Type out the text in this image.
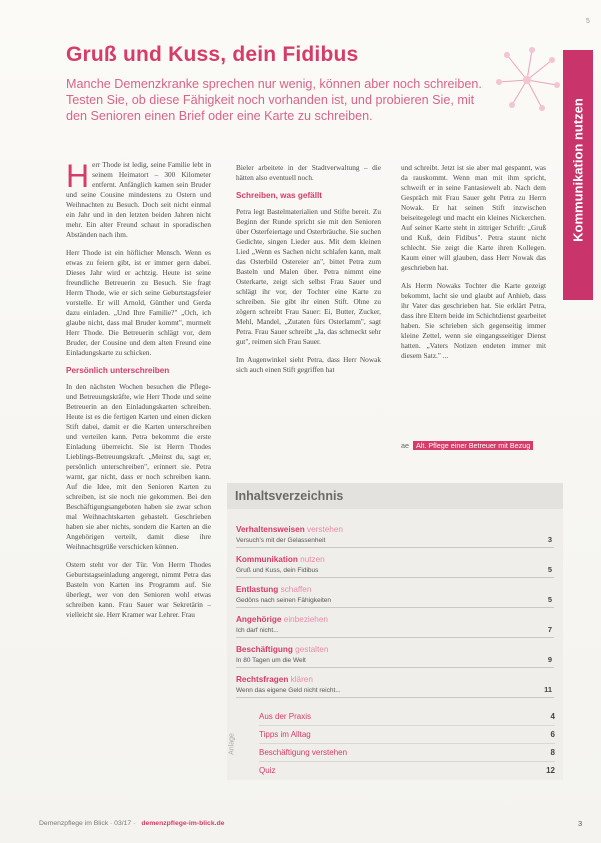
5
Gruß und Kuss, dein Fidibus
Manche Demenzkranke sprechen nur wenig, können aber noch schreiben. Testen Sie, ob diese Fähigkeit noch vorhanden ist, und probieren Sie, mit den Senioren einen Brief oder eine Karte zu schreiben.	Kommunikation nutzen

Herr Thode ist ledig, seine Familie lebt in seinem Heimatort – 300 Kilometer entfernt. Anfänglich kamen sein Bruder und seine Cousine mindestens zu Ostern und Weihnachten zu Besuch. Doch seit nicht einmal ein Jahr und in den letzten beiden Jahren nicht mehr. Ein alter Freund schaut in sporadischen Abständen nach ihm.

Herr Thode ist ein höflicher Mensch. Wenn es etwas zu feiern gibt, ist er immer gern dabei. Dieses Jahr wird er achtzig. Heute ist seine freundliche Betreuerin zu Besuch. Sie fragt Herrn Thode, wie er sich seine Geburtstagsfeier vorstelle. Er will Arnold, Günther und Gerda dazu einladen. „Und Ihre Familie?" „Och, ich glaube nicht, dass mal Bruder kommt", murmelt Herr Thode. Die Betreuerin schlägt vor, dem Bruder, der Cousine und dem alten Freund eine Einladungskarte zu schicken.

Persönlich unterschreiben

In den nächsten Wochen besuchen die Pflege- und Betreuungskräfte, wie Herr Thode und seine Betreuerin an den Einladungskarten schreiben. Heute ist es die fertigen Karten und einen dicken Stift dabei, damit er die Karten unterschreiben und verteilen kann. Petra bekommt die erste Einladung überreicht. Sie ist Herrn Thodes Lieblings-Betreuungskraft. „Meinst du, sagt er, persönlich unterschreiben", erinnert sie. Petra warnt, gar nicht, dass er noch schreiben kann. Auf die Idee, mit den Senioren Karten zu schreiben, ist sie noch nie gekommen. Bei den Beschäftigungsangeboten haben sie zwar schon mal Weihnachtskarten gebastelt. Geschrieben haben sie aber nichts, sondern die Karten an die Angehörigen verteilt, damit diese ihre Weihnachtsgrüße verschicken können.

Ostern steht vor der Tür. Von Herrn Thodes Geburtstagseinladung angeregt, nimmt Petra das Basteln von Karten ins Programm auf. Sie überlegt, wer von den Senioren wohl etwas schreiben kann. Frau Sauer war Sekretärin – vielleicht sie. Herr Kramer war Lehrer. Frau

Bieler arbeitete in der Stadtverwaltung – die hätten also eventuell noch.

Schreiben, was gefällt

Petra legt Bastelmaterialien und Stifte bereit. Zu Beginn der Runde spricht sie mit den Senioren über Osterfeiertage und Osterbräuche. Sie suchen Gedichte, singen Lieder aus. Mit dem kleinen Lied „Wenn es Sachen nicht schlafen kann, malt das Osterbild Ostereier an", bittet Petra zum Basteln und Malen über. Petra nimmt eine Osterkarte, zeigt sich selbst Frau Sauer und schlägt ihr vor, der Tochter eine Karte zu schreiben. Sie gibt ihr einen Stift. Ohne zu zögern schreibt Frau Sauer: Ei, Butter, Zucker, Mehl, Mandel, „Zutaten fürs Osterlamm", sagt Petra. Frau Sauer schreibt „Ja, das schmeckt sehr gut", reimen sich Frau Sauer.

Im Augenwinkel sieht Petra, dass Herr Nowak sich auch einen Stift gegriffen hat

und schreibt. Jetzt ist sie aber mal gespannt, was da rauskommt. Wenn man mit ihm spricht, schweift er in seine Fantasiewelt ab. Nach dem Gespräch mit Frau Sauer geht Petra zu Herrn Nowak. Er hat seinen Stift inzwischen beiseitegelegt und macht ein kleines Nickerchen. Auf seiner Karte steht in zittriger Schrift: „Gruß und Kuß, dein Fidibus". Petra staunt nicht schlecht. Sie zeigt die Karte ihren Kollegen. Kaum einer will glauben, dass Herr Nowak das geschrieben hat.

Als Herrn Nowaks Tochter die Karte gezeigt bekommt, lacht sie und glaubt auf Anhieb, dass ihr Vater das geschrieben hat. Sie erklärt Petra, dass ihre Eltern beide im Schichtdienst gearbeitet haben. Sie schrieben sich gegenseitig immer kleine Zettel, wenn sie eingangsseitiger Dienst hatten. „Vaters Notizen endeten immer mit diesem Satz." ...

ae Alt. Pflege einer Betreuer mit Bezug
Inhaltsverzeichnis
Verhaltensweisen verstehen
Versuch's mit der Gelassenheit	3
Kommunikation nutzen
Gruß und Kuss, dein Fidibus	5
Entlastung schaffen
Gedöns nach seinen Fähigkeiten	5
Angehörige einbeziehen
Ich darf nicht...	7
Beschäftigung gestalten
In 80 Tagen um die Welt	9
Rechtsfragen klären
Wenn das eigene Geld nicht reicht...	11
Anlage
Aus der Praxis	4
Tipps im Alltag	6
Beschäftigung verstehen	8
Quiz	12
Demenzpflege im Blick · 03/17 · demenzpflege-im-blick.de	3
